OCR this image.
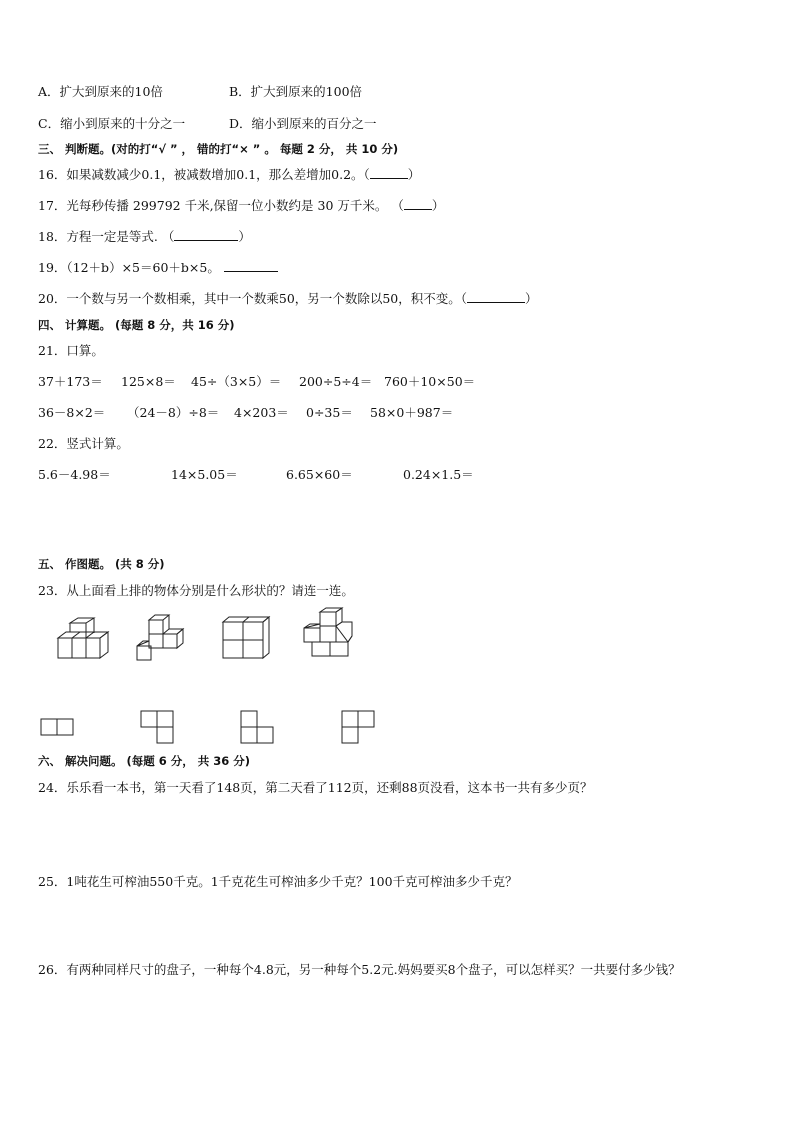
A．扩大到原来的10倍	B．扩大到原来的100倍
C．缩小到原来的十分之一	D．缩小到原来的百分之一
三、 判断题。(对的打“√ ” ， 错的打“× ” 。 每题 2 分， 共 10 分)
16．如果减数减少0.1，被减数增加0.1，那么差增加0.2。（	）
17．光每秒传播 299792 千米,保留一位小数约是 30 万千米。 （ ）
18．方程一定是等式. （	）
19．（12＋b）×5＝60＋b×5。
20．一个数与另一个数相乘，其中一个数乘50，另一个数除以50，积不变。（	）
四、 计算题。 (每题 8 分，共 16 分)
21．口算。
37＋173＝ 125×8＝ 45÷（3×5）＝ 200÷5÷4＝ 760＋10×50＝
36－8×2＝ （24－8）÷8＝ 4×203＝ 0÷35＝ 58×0＋987＝
22．竖式计算。
5.6－4.98＝	14×5.05＝	6.65×60＝	0.24×1.5＝
五、 作图题。 (共 8 分)
23．从上面看上排的物体分别是什么形状的？请连一连。
六、 解决问题。 (每题 6 分， 共 36 分)
24．乐乐看一本书，第一天看了148页，第二天看了112页，还剩88页没看，这本书一共有多少页？
25．1吨花生可榨油550千克。1千克花生可榨油多少千克？100千克可榨油多少千克？
26．有两种同样尺寸的盘子，一种每个4.8元，另一种每个5.2元.妈妈要买8个盘子，可以怎样买？一共要付多少钱？
